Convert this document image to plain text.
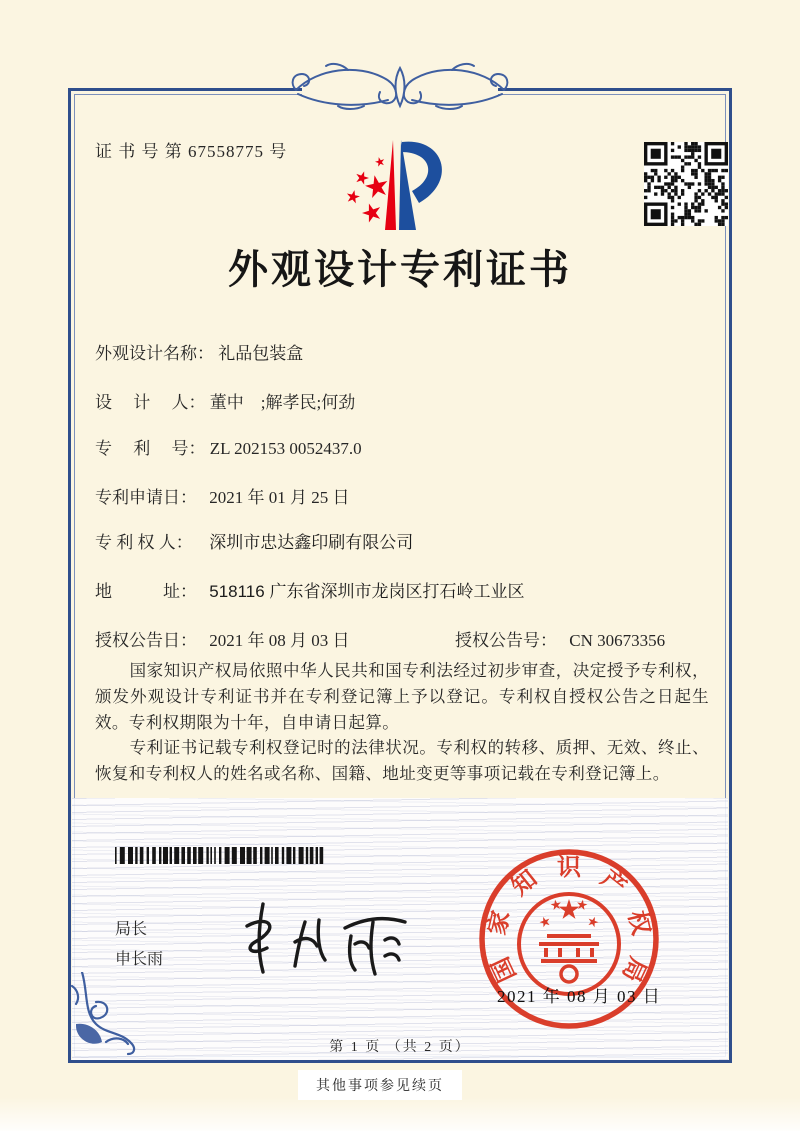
证 书 号 第 67558775 号
外观设计专利证书
外观设计名称： 礼品包装盒
设　 计　 人： 董中　;解孝民;何劲
专　 利　 号： ZL 202153 0052437.0
专利申请日： 2021 年 01 月 25 日
专 利 权 人： 深圳市忠达鑫印刷有限公司
地　　　址： 518116 广东省深圳市龙岗区打石岭工业区
授权公告日： 2021 年 08 月 03 日	授权公告号： CN 30673356

国家知识产权局依照中华人民共和国专利法经过初步审查，决定授予专利权，颁发外观设计专利证书并在专利登记簿上予以登记。专利权自授权公告之日起生效。专利权期限为十年，自申请日起算。

专利证书记载专利权登记时的法律状况。专利权的转移、质押、无效、终止、恢复和专利权人的姓名或名称、国籍、地址变更等事项记载在专利登记簿上。

局长
申长雨	国
家
知 识 产
权
局
2021 年 08 月 03 日
第 1 页 （共 2 页）
其他事项参见续页
